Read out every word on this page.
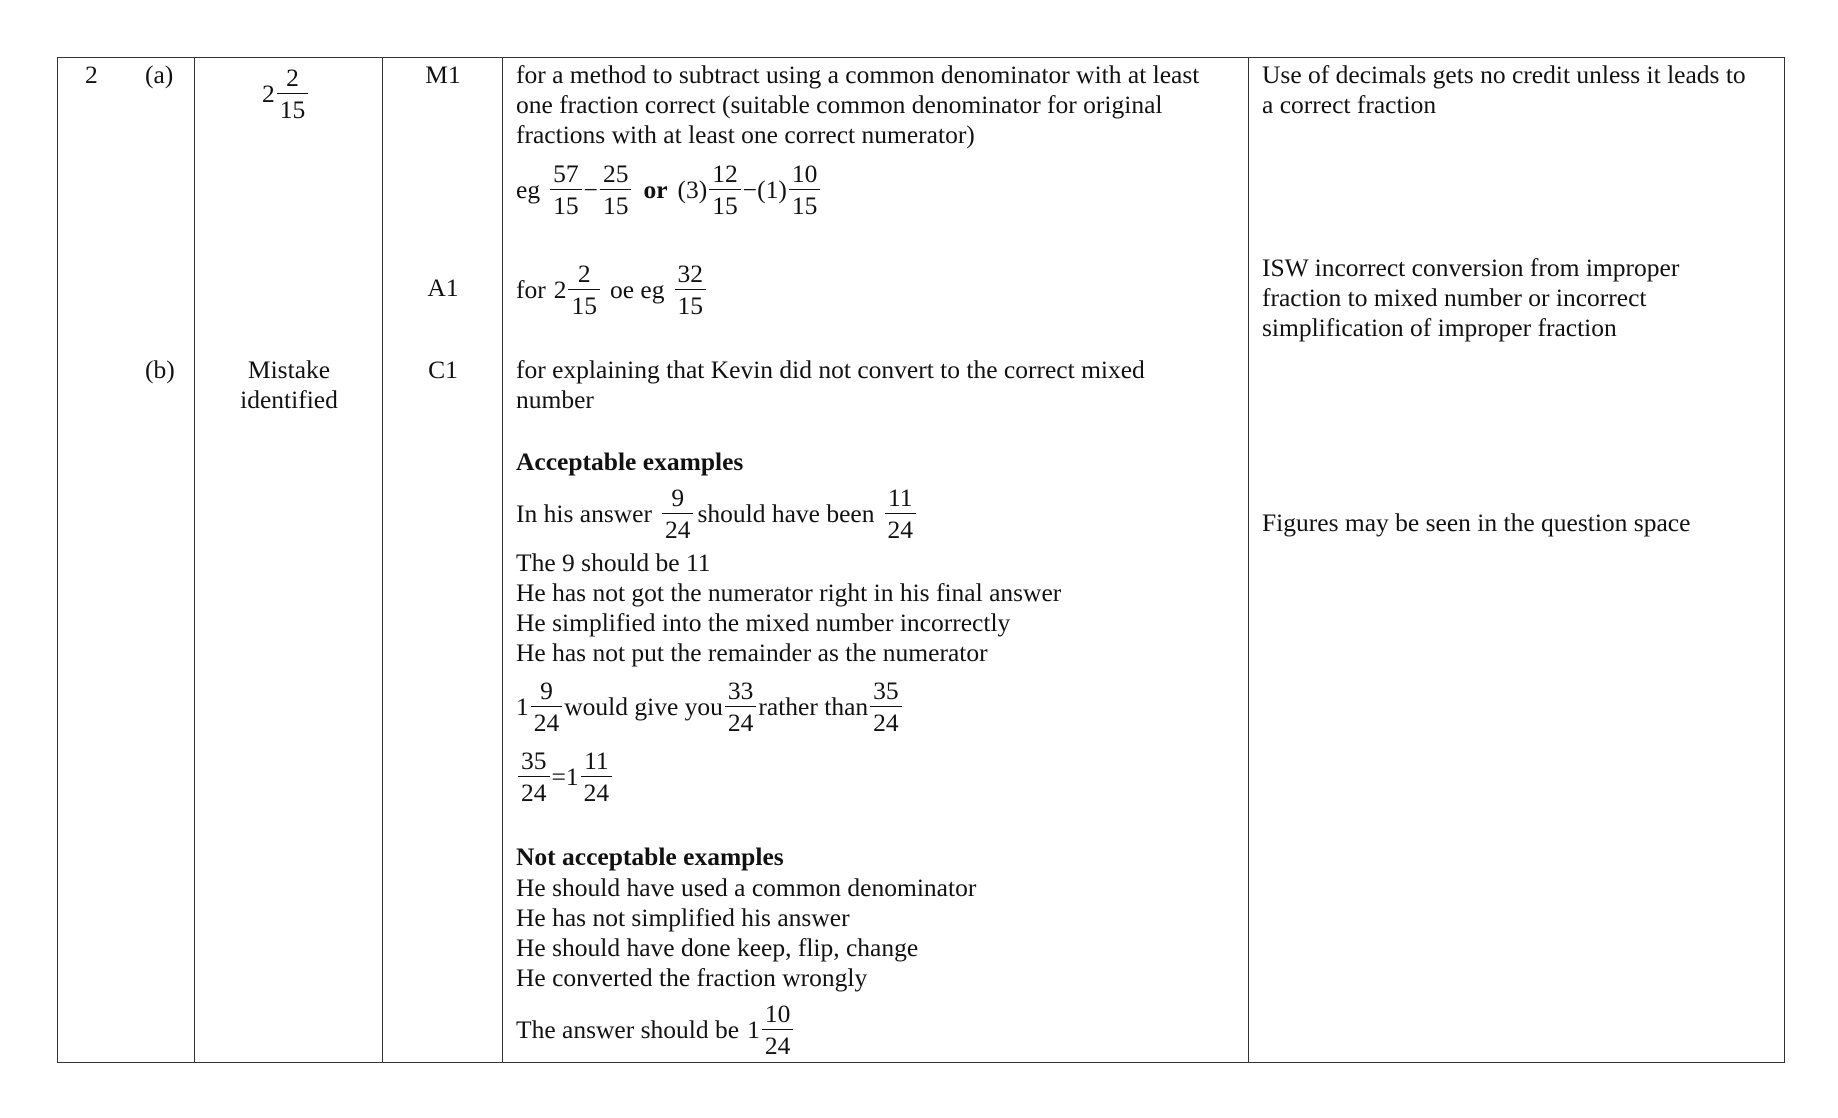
2 (a)
(b)
2
2
15
Mistake
identified
M1
A1
C1
for a method to subtract using a common denominator with at least
one fraction correct (suitable common denominator for original
fractions with at least one correct numerator)
eg
57
15
− $\frac{25}{15}$ or (3)
12
15
− (1)
10
15
for 2
2
15
oe eg
32
15
for explaining that Kevin did not convert to the correct mixed
number
Acceptable examples
In his answer
9
24
should have been
11
24
The 9 should be 11
He has not got the numerator right in his final answer
He simplified into the mixed number incorrectly
He has not put the remainder as the numerator
1
9
24
would give you
33
24
rather than
35
24
$\frac{35}{24} = 1$
11
24
Not acceptable examples
He should have used a common denominator
He has not simplified his answer
He should have done keep, flip, change
He converted the fraction wrongly
The answer should be 1
10
24
Use of decimals gets no credit unless it leads to
a correct fraction
ISW incorrect conversion from improper
fraction to mixed number or incorrect
simplification of improper fraction
Figures may be seen in the question space
